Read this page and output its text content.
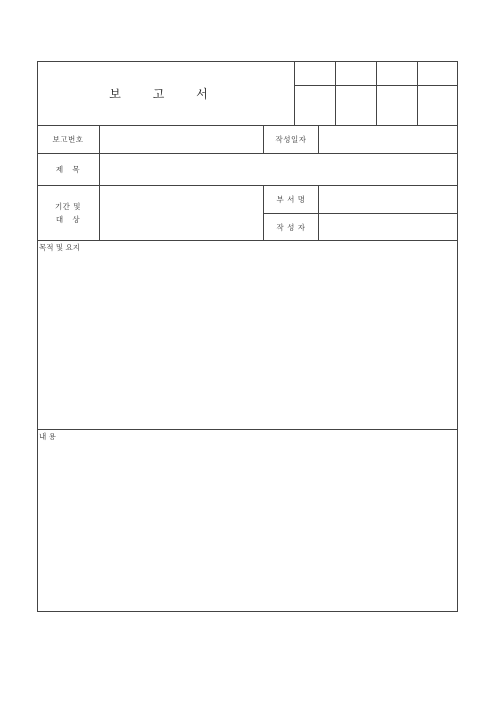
보 고 서
보고번호	작성일자
제   목
기간 및
대   상
부 서 명
작 성 자
목적 및 요지
내 용
